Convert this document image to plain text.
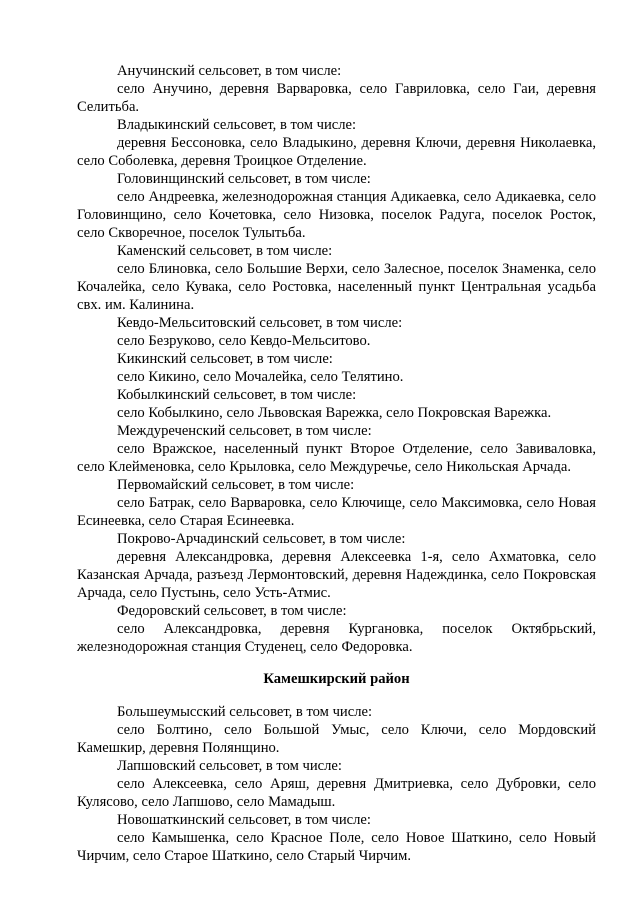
Анучинский сельсовет, в том числе:

село Анучино, деревня Варваровка, село Гавриловка, село Гаи, деревня Селитьба.

Владыкинский сельсовет, в том числе:

деревня Бессоновка, село Владыкино, деревня Ключи, деревня Николаевка, село Соболевка, деревня Троицкое Отделение.

Головинщинский сельсовет, в том числе:

село Андреевка, железнодорожная станция Адикаевка, село Адикаевка, село Головинщино, село Кочетовка, село Низовка, поселок Радуга, поселок Росток, село Скворечное, поселок Тулытьба.

Каменский сельсовет, в том числе:

село Блиновка, село Большие Верхи, село Залесное, поселок Знаменка, село Кочалейка, село Кувака, село Ростовка, населенный пункт Центральная усадьба свх. им. Калинина.

Кевдо-Мельситовский сельсовет, в том числе:

село Безруково, село Кевдо-Мельситово.

Кикинский сельсовет, в том числе:

село Кикино, село Мочалейка, село Телятино.

Кобылкинский сельсовет, в том числе:

село Кобылкино, село Львовская Варежка, село Покровская Варежка.

Междуреченский сельсовет, в том числе:

село Вражское, населенный пункт Второе Отделение, село Завиваловка, село Клейменовка, село Крыловка, село Междуречье, село Никольская Арчада.

Первомайский сельсовет, в том числе:

село Батрак, село Варваровка, село Ключище, село Максимовка, село Новая Есинеевка, село Старая Есинеевка.

Покрово-Арчадинский сельсовет, в том числе:

деревня Александровка, деревня Алексеевка 1-я, село Ахматовка, село Казанская Арчада, разъезд Лермонтовский, деревня Надеждинка, село Покровская Арчада, село Пустынь, село Усть-Атмис.

Федоровский сельсовет, в том числе:

село Александровка, деревня Кургановка, поселок Октябрьский, железнодорожная станция Студенец, село Федоровка.

Камешкирский район

Большеумысский сельсовет, в том числе:

село Болтино, село Большой Умыс, село Ключи, село Мордовский Камешкир, деревня Полянщино.

Лапшовский сельсовет, в том числе:

село Алексеевка, село Аряш, деревня Дмитриевка, село Дубровки, село Кулясово, село Лапшово, село Мамадыш.

Новошаткинский сельсовет, в том числе:

село Камышенка, село Красное Поле, село Новое Шаткино, село Новый Чирчим, село Старое Шаткино, село Старый Чирчим.
